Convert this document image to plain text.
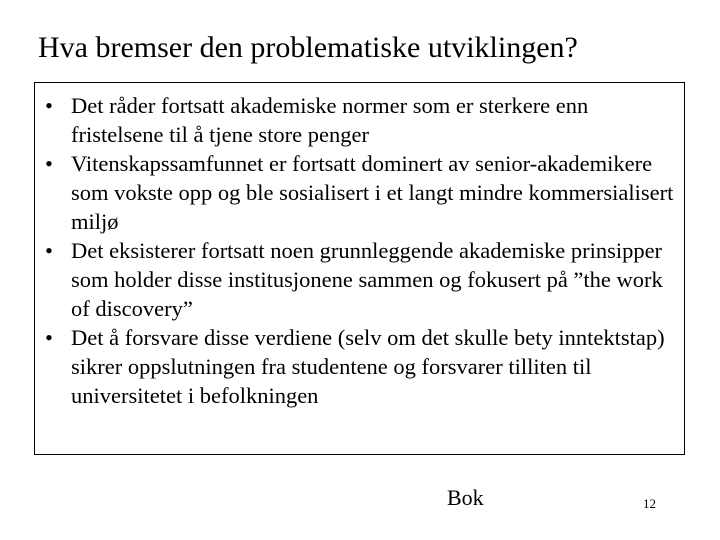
Hva bremser den problematiske utviklingen?
• Det råder fortsatt akademiske normer som er sterkere enn fristelsene til å tjene store penger
• Vitenskapssamfunnet er fortsatt dominert av senior-akademikere som vokste opp og ble sosialisert i et langt mindre kommersialisert miljø
• Det eksisterer fortsatt noen grunnleggende akademiske prinsipper som holder disse institusjonene sammen og fokusert på ”the work of discovery”
• Det å forsvare disse verdiene (selv om det skulle bety inntektstap) sikrer oppslutningen fra studentene og forsvarer tilliten til universitetet i befolkningen
Bok	12
